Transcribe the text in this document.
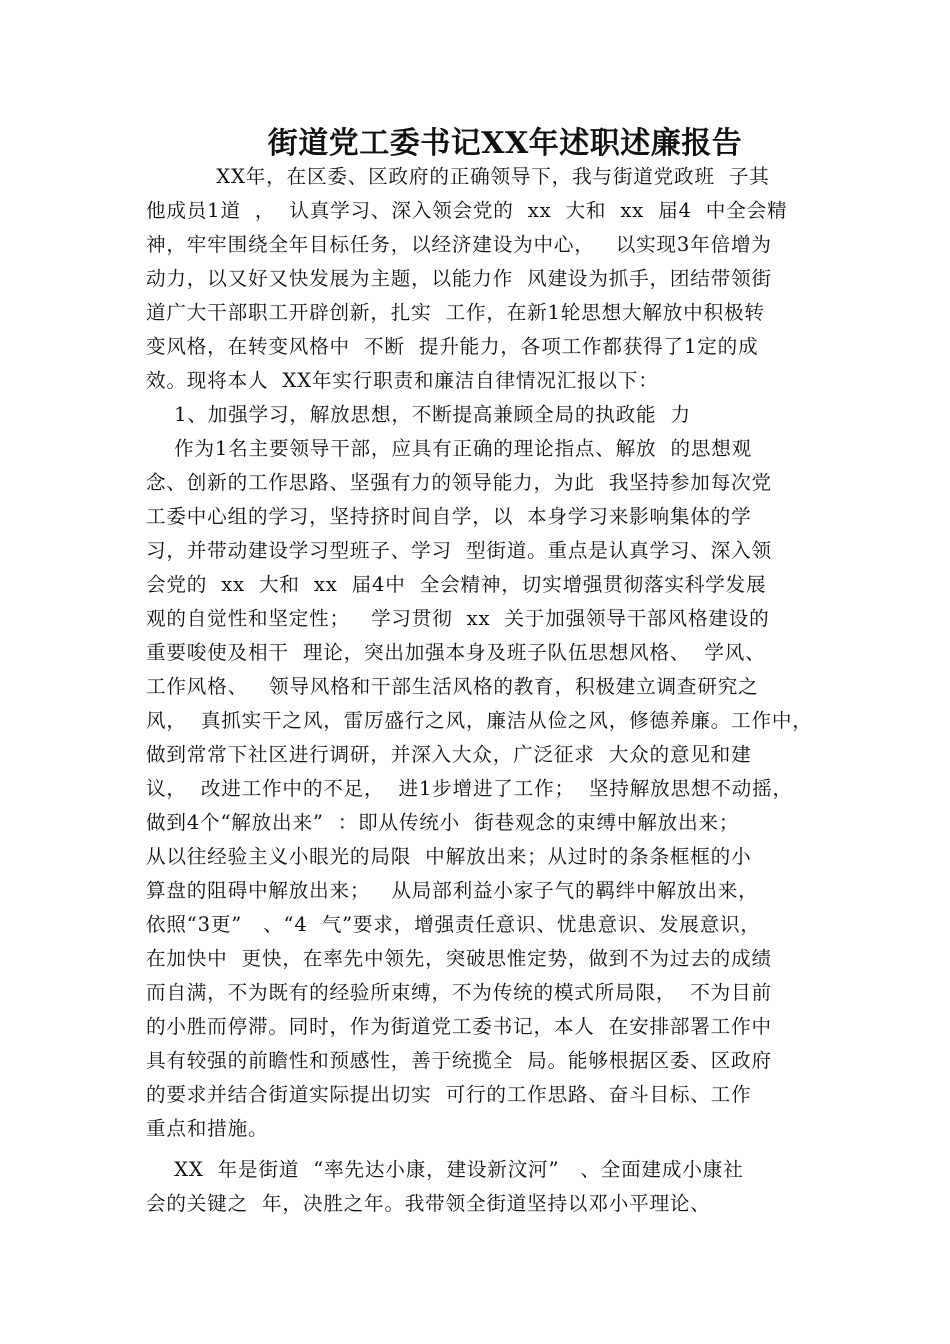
街道党工委书记XX年述职述廉报告
XX年，在区委、区政府的正确领导下，我与街道党政班  子其
他成员1道  ，  认真学习、深入领会党的  xx  大和  xx  届4  中全会精
神，牢牢围绕全年目标任务，以经济建设为中心，   以实现3年倍增为
动力，以又好又快发展为主题，以能力作  风建设为抓手，团结带领街
道广大干部职工开辟创新，扎实  工作，在新1轮思想大解放中积极转
变风格，在转变风格中  不断  提升能力，各项工作都获得了1定的成
效。现将本人  XX年实行职责和廉洁自律情况汇报以下：
1、加强学习，解放思想，不断提高兼顾全局的执政能  力
作为1名主要领导干部，应具有正确的理论指点、解放  的思想观
念、创新的工作思路、坚强有力的领导能力，为此  我坚持参加每次党
工委中心组的学习，坚持挤时间自学，以  本身学习来影响集体的学
习，并带动建设学习型班子、学习  型街道。重点是认真学习、深入领
会党的  xx  大和  xx  届4中  全会精神，切实增强贯彻落实科学发展
观的自觉性和坚定性；   学习贯彻  xx  关于加强领导干部风格建设的
重要唆使及相干  理论，突出加强本身及班子队伍思想风格、  学风、
工作风格、   领导风格和干部生活风格的教育，积极建立调查研究之
风，  真抓实干之风，雷厉盛行之风，廉洁从俭之风，修德养廉。工作中，
做到常常下社区进行调研，并深入大众，广泛征求  大众的意见和建
议，  改进工作中的不足，  进1步增进了工作；  坚持解放思想不动摇，
做到4个“解放出来”  ：即从传统小  街巷观念的束缚中解放出来；
从以往经验主义小眼光的局限  中解放出来；从过时的条条框框的小
算盘的阻碍中解放出来；   从局部利益小家子气的羁绊中解放出来，
依照“3更”   、“4  气”要求，增强责任意识、忧患意识、发展意识，
在加快中  更快，在率先中领先，突破思惟定势，做到不为过去的成绩
而自满，不为既有的经验所束缚，不为传统的模式所局限，  不为目前
的小胜而停滞。同时，作为街道党工委书记，本人  在安排部署工作中
具有较强的前瞻性和预感性，善于统揽全  局。能够根据区委、区政府
的要求并结合街道实际提出切实  可行的工作思路、奋斗目标、工作
重点和措施。
XX  年是街道  “率先达小康，建设新汶河”   、全面建成小康社
会的关键之  年，决胜之年。我带领全街道坚持以邓小平理论、
